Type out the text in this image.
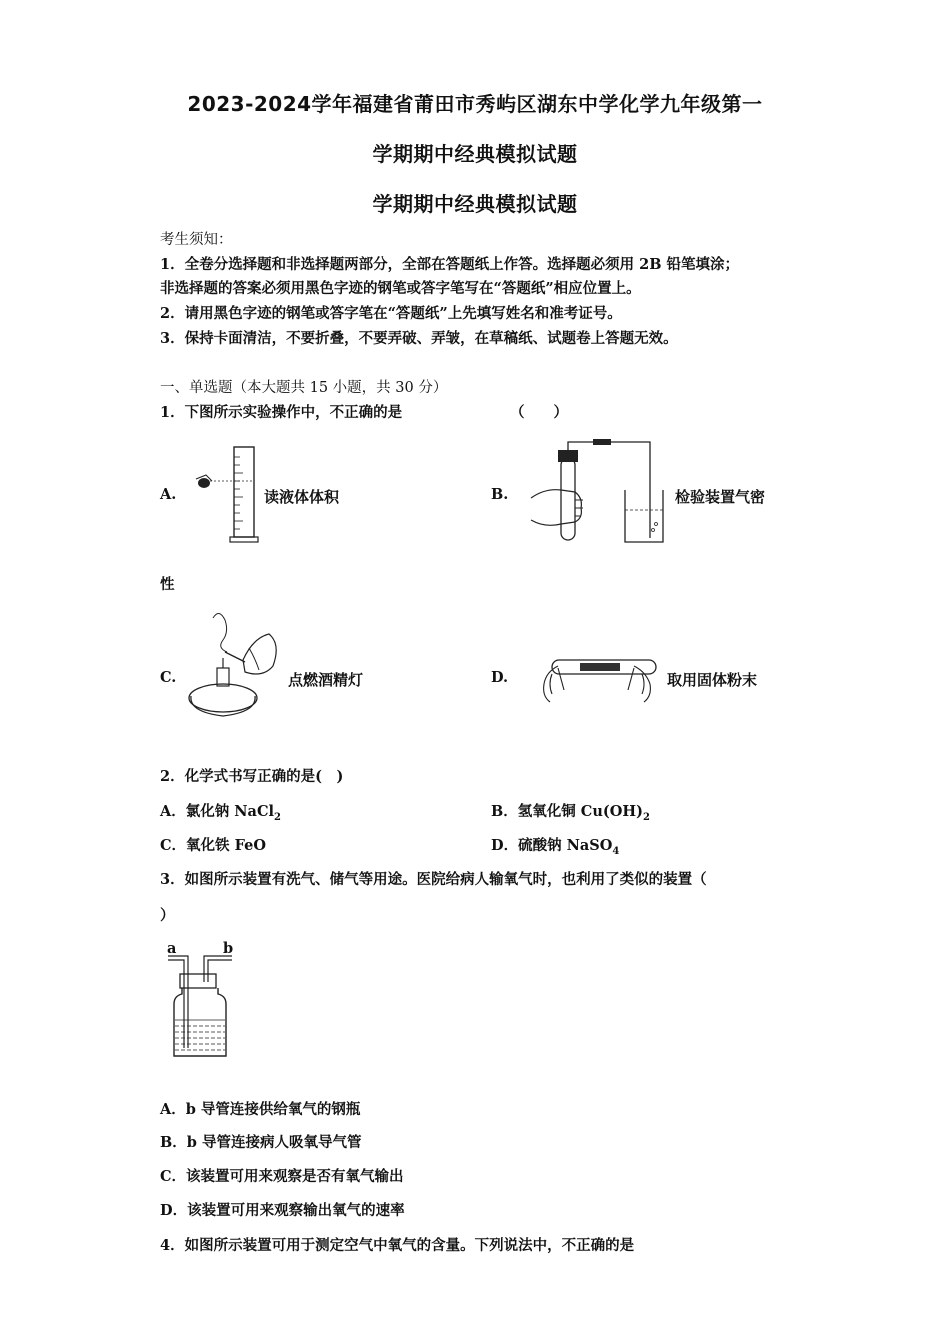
2023-2024学年福建省莆田市秀屿区湖东中学化学九年级第一
学期期中经典模拟试题
学期期中经典模拟试题
考生须知：
1．全卷分选择题和非选择题两部分，全部在答题纸上作答。选择题必须用 2B 铅笔填涂；
非选择题的答案必须用黑色字迹的钢笔或答字笔写在“答题纸”相应位置上。
2．请用黑色字迹的钢笔或答字笔在“答题纸”上先填写姓名和准考证号。
3．保持卡面清洁，不要折叠，不要弄破、弄皱，在草稿纸、试题卷上答题无效。
一、单选题（本大题共 15 小题，共 30 分）
1．下图所示实验操作中，不正确的是	（　　）
A.	读液体体积	B.	检验装置气密
性
C.	点燃酒精灯	D.	取用固体粉末
2．化学式书写正确的是(　)
A．氯化钠 NaCl$_2$	B．氢氧化铜 $Cu(OH)_2$
C．氧化铁 FeO	D．硫酸钠 NaSO$_4$
3．如图所示装置有洗气、储气等用途。医院给病人输氧气时，也利用了类似的装置（
）
a	b
A．b 导管连接供给氧气的钢瓶
B．b 导管连接病人吸氧导气管
C．该装置可用来观察是否有氧气输出
D．该装置可用来观察输出氧气的速率
4．如图所示装置可用于测定空气中氧气的含量。下列说法中，不正确的是
